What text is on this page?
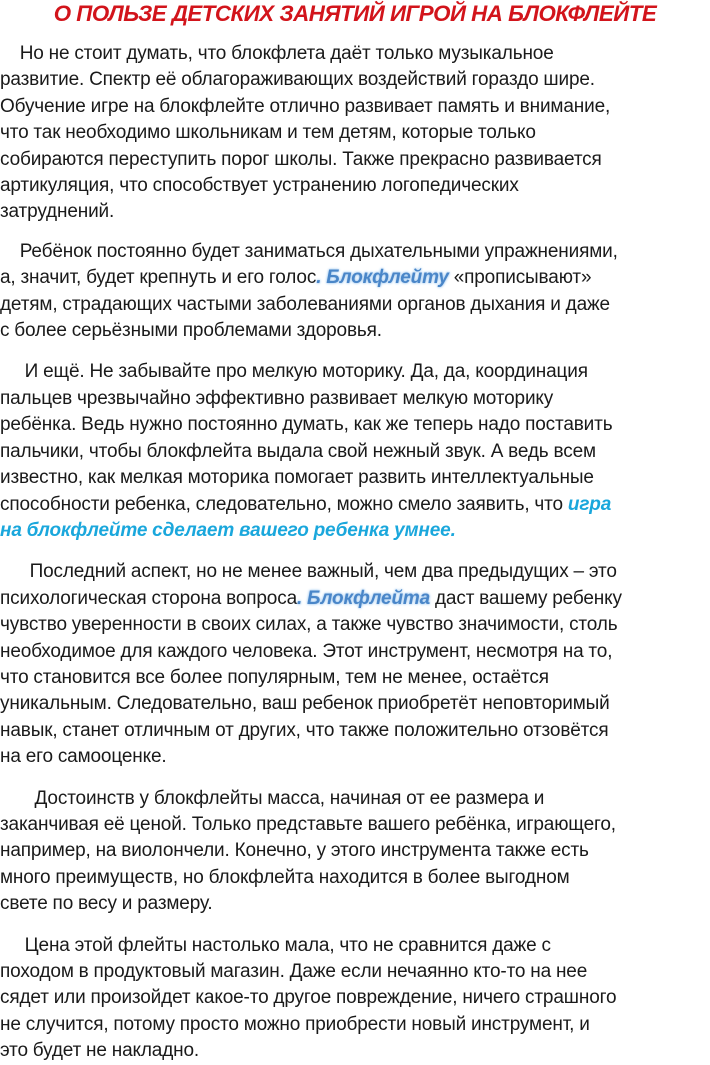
О ПОЛЬЗЕ ДЕТСКИХ ЗАНЯТИЙ ИГРОЙ НА БЛОКФЛЕЙТЕ
Но не стоит думать, что блокфлета даёт только музыкальное
развитие. Спектр её облагораживающих воздействий гораздо шире.
Обучение игре на блокфлейте отлично развивает память и внимание,
что так необходимо школьникам и тем детям, которые только
собираются переступить порог школы. Также прекрасно развивается
артикуляция, что способствует устранению логопедических
затруднений.
Ребёнок постоянно будет заниматься дыхательными упражнениями,
а, значит, будет крепнуть и его голос. Блокфлейту «прописывают»
детям, страдающих частыми заболеваниями органов дыхания и даже
с более серьёзными проблемами здоровья.
И ещё. Не забывайте про мелкую моторику. Да, да, координация
пальцев чрезвычайно эффективно развивает мелкую моторику
ребёнка. Ведь нужно постоянно думать, как же теперь надо поставить
пальчики, чтобы блокфлейта выдала свой нежный звук. А ведь всем
известно, как мелкая моторика помогает развить интеллектуальные
способности ребенка, следовательно, можно смело заявить, что игра
на блокфлейте сделает вашего ребенка умнее.
Последний аспект, но не менее важный, чем два предыдущих – это
психологическая сторона вопроса. Блокфлейта даст вашему ребенку
чувство уверенности в своих силах, а также чувство значимости, столь
необходимое для каждого человека. Этот инструмент, несмотря на то,
что становится все более популярным, тем не менее, остаётся
уникальным. Следовательно, ваш ребенок приобретёт неповторимый
навык, станет отличным от других, что также положительно отзовётся
на его самооценке.
Достоинств у блокфлейты масса, начиная от ее размера и
заканчивая её ценой. Только представьте вашего ребёнка, играющего,
например, на виолончели. Конечно, у этого инструмента также есть
много преимуществ, но блокфлейта находится в более выгодном
свете по весу и размеру.
Цена этой флейты настолько мала, что не сравнится даже с
походом в продуктовый магазин. Даже если нечаянно кто-то на нее
сядет или произойдет какое-то другое повреждение, ничего страшного
не случится, потому просто можно приобрести новый инструмент, и
это будет не накладно.
